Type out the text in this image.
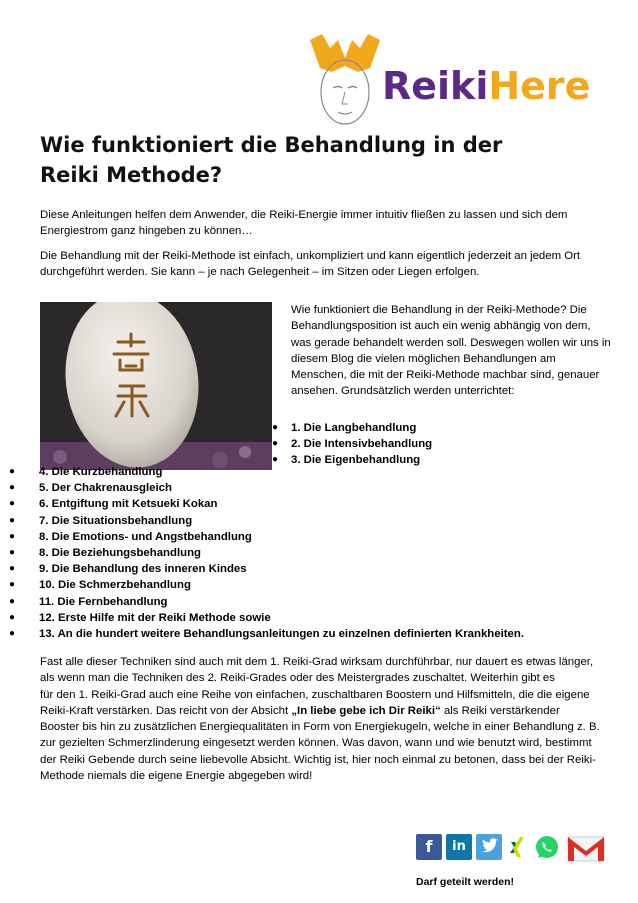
ReikiHere
Wie funktioniert die Behandlung in der Reiki Methode?

Diese Anleitungen helfen dem Anwender, die Reiki-Energie immer intuitiv fließen zu lassen und sich dem Energiestrom ganz hingeben zu können…

Die Behandlung mit der Reiki-Methode ist einfach, unkompliziert und kann eigentlich jederzeit an jedem Ort durchgeführt werden. Sie kann – je nach Gelegenheit – im Sitzen oder Liegen erfolgen.

Wie funktioniert die Behandlung in der Reiki-Methode? Die Behandlungsposition ist auch ein wenig abhängig von dem, was gerade behandelt werden soll. Deswegen wollen wir uns in diesem Blog die vielen möglichen Behandlungen am Menschen, die mit der Reiki-Methode machbar sind, genauer ansehen. Grundsätzlich werden unterrichtet:
● 1. Die Langbehandlung
● 2. Die Intensivbehandlung
● 3. Die Eigenbehandlung
● 4. Die Kurzbehandlung
● 5. Der Chakrenausgleich
● 6. Entgiftung mit Ketsueki Kokan
● 7. Die Situationsbehandlung
● 8. Die Emotions- und Angstbehandlung
● 8. Die Beziehungsbehandlung
● 9. Die Behandlung des inneren Kindes
● 10. Die Schmerzbehandlung
● 11. Die Fernbehandlung
● 12. Erste Hilfe mit der Reiki Methode sowie
● 13. An die hundert weitere Behandlungsanleitungen zu einzelnen definierten Krankheiten.

Fast alle dieser Techniken sind auch mit dem 1. Reiki-Grad wirksam durchführbar, nur dauert es etwas länger, als wenn man die Techniken des 2. Reiki-Grades oder des Meistergrades zuschaltet. Weiterhin gibt es
für den 1. Reiki-Grad auch eine Reihe von einfachen, zuschaltbaren Boostern und Hilfsmitteln, die die eigene Reiki-Kraft verstärken. Das reicht von der Absicht „In liebe gebe ich Dir Reiki“ als Reiki verstärkender Booster bis hin zu zusätzlichen Energiequalitäten in Form von Energiekugeln, welche in einer Behandlung z. B. zur gezielten Schmerzlinderung eingesetzt werden können. Was davon, wann und wie benutzt wird, bestimmt der Reiki Gebende durch seine liebevolle Absicht. Wichtig ist, hier noch einmal zu betonen, dass bei der Reiki-Methode niemals die eigene Energie abgegeben wird!

f	in
Darf geteilt werden!
